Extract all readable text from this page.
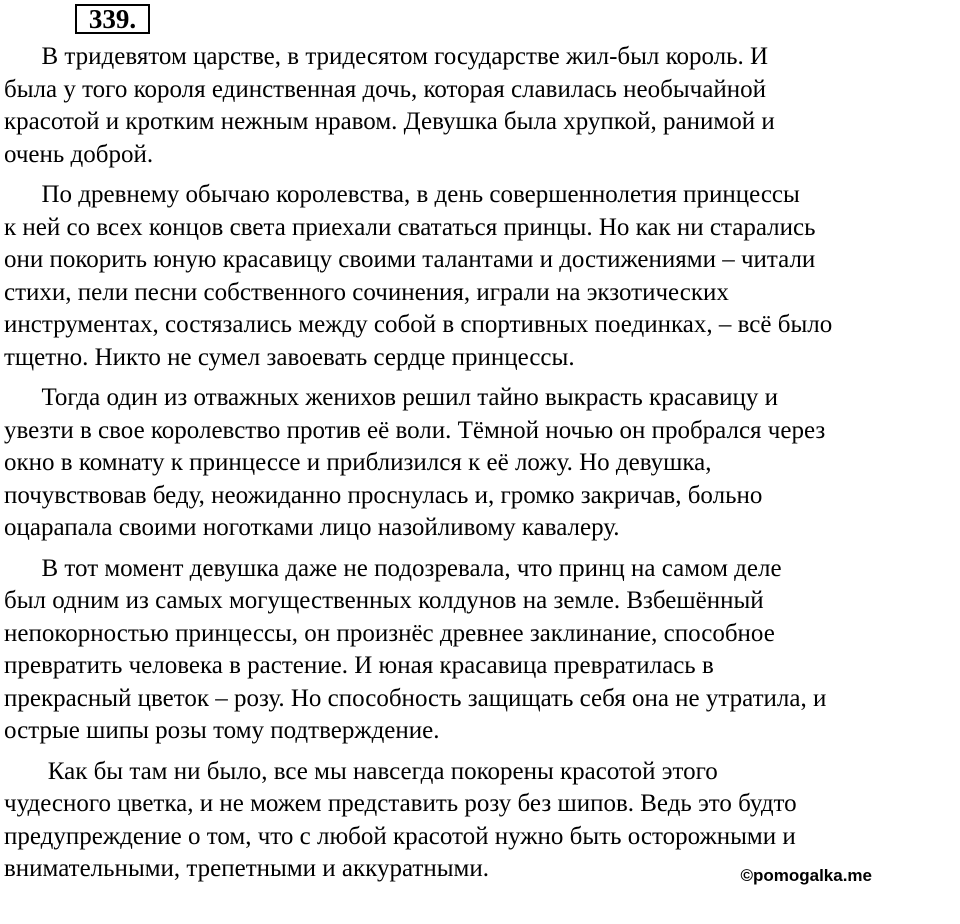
339.
В тридевятом царстве, в тридесятом государстве жил-был король. И
была у того короля единственная дочь, которая славилась необычайной
красотой и кротким нежным нравом. Девушка была хрупкой, ранимой и
очень доброй.
По древнему обычаю королевства, в день совершеннолетия принцессы
к ней со всех концов света приехали свататься принцы. Но как ни старались
они покорить юную красавицу своими талантами и достижениями – читали
стихи, пели песни собственного сочинения, играли на экзотических
инструментах, состязались между собой в спортивных поединках, – всё было
тщетно. Никто не сумел завоевать сердце принцессы.
Тогда один из отважных женихов решил тайно выкрасть красавицу и
увезти в свое королевство против её воли. Тёмной ночью он пробрался через
окно в комнату к принцессе и приблизился к её ложу. Но девушка,
почувствовав беду, неожиданно проснулась и, громко закричав, больно
оцарапала своими ноготками лицо назойливому кавалеру.
В тот момент девушка даже не подозревала, что принц на самом деле
был одним из самых могущественных колдунов на земле. Взбешённый
непокорностью принцессы, он произнёс древнее заклинание, способное
превратить человека в растение. И юная красавица превратилась в
прекрасный цветок – розу. Но способность защищать себя она не утратила, и
острые шипы розы тому подтверждение.
Как бы там ни было, все мы навсегда покорены красотой этого
чудесного цветка, и не можем представить розу без шипов. Ведь это будто
предупреждение о том, что с любой красотой нужно быть осторожными и
внимательными, трепетными и аккуратными.	©pomogalka.me
